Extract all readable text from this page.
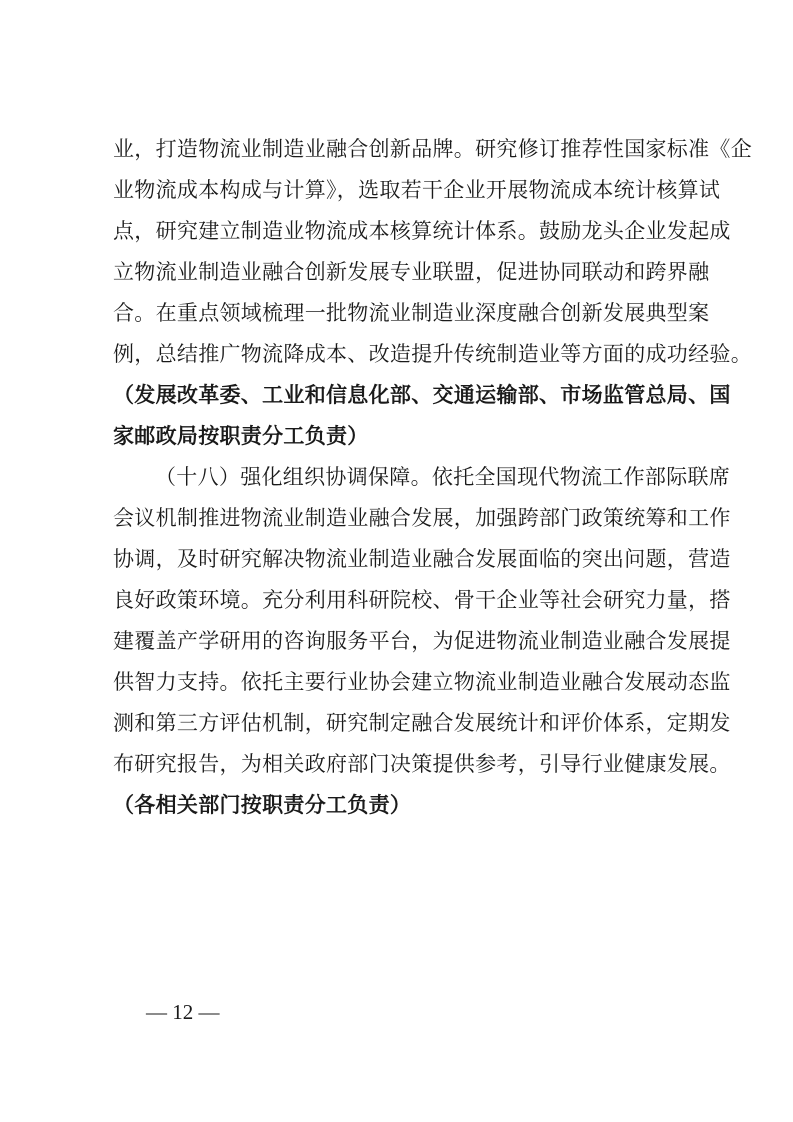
业，打造物流业制造业融合创新品牌。研究修订推荐性国家标准《企
业物流成本构成与计算》，选取若干企业开展物流成本统计核算试
点，研究建立制造业物流成本核算统计体系。鼓励龙头企业发起成
立物流业制造业融合创新发展专业联盟，促进协同联动和跨界融
合。在重点领域梳理一批物流业制造业深度融合创新发展典型案
例，总结推广物流降成本、改造提升传统制造业等方面的成功经验。
（发展改革委、工业和信息化部、交通运输部、市场监管总局、国
家邮政局按职责分工负责）
（十八）强化组织协调保障。依托全国现代物流工作部际联席
会议机制推进物流业制造业融合发展，加强跨部门政策统筹和工作
协调，及时研究解决物流业制造业融合发展面临的突出问题，营造
良好政策环境。充分利用科研院校、骨干企业等社会研究力量，搭
建覆盖产学研用的咨询服务平台，为促进物流业制造业融合发展提
供智力支持。依托主要行业协会建立物流业制造业融合发展动态监
测和第三方评估机制，研究制定融合发展统计和评价体系，定期发
布研究报告，为相关政府部门决策提供参考，引导行业健康发展。
（各相关部门按职责分工负责）
— 12 —
